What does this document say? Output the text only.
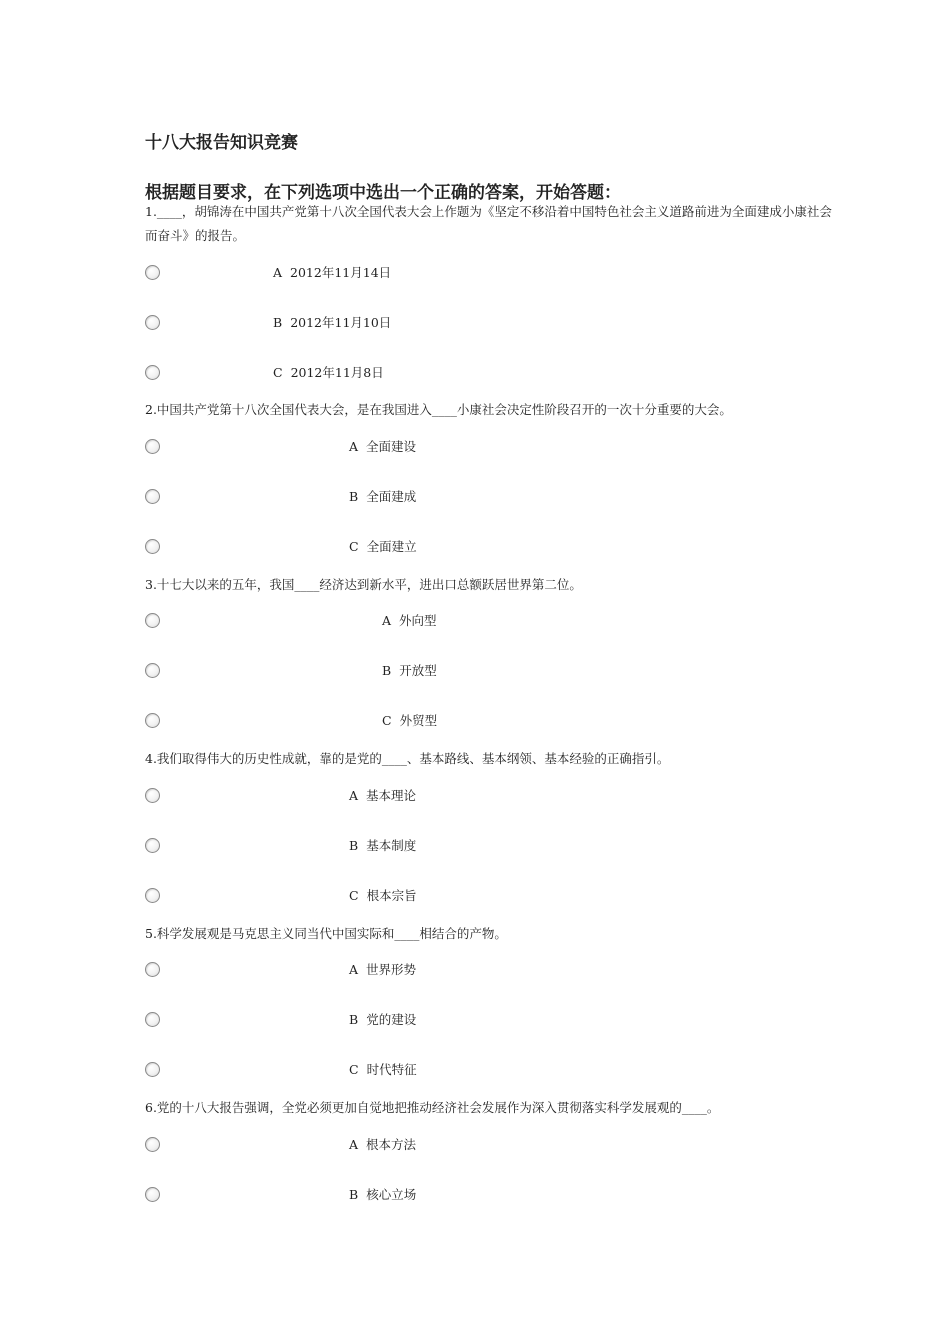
十八大报告知识竞赛
根据题目要求，在下列选项中选出一个正确的答案，开始答题：
1.____，胡锦涛在中国共产党第十八次全国代表大会上作题为《坚定不移沿着中国特色社会主义道路前进为全面建成小康社会而奋斗》的报告。
A 2012年11月14日
B 2012年11月10日
C 2012年11月8日
2.中国共产党第十八次全国代表大会，是在我国进入____小康社会决定性阶段召开的一次十分重要的大会。
A 全面建设
B 全面建成
C 全面建立
3.十七大以来的五年，我国____经济达到新水平，进出口总额跃居世界第二位。
A 外向型
B 开放型
C 外贸型
4.我们取得伟大的历史性成就，靠的是党的____、基本路线、基本纲领、基本经验的正确指引。
A 基本理论
B 基本制度
C 根本宗旨
5.科学发展观是马克思主义同当代中国实际和____相结合的产物。
A 世界形势
B 党的建设
C 时代特征
6.党的十八大报告强调，全党必须更加自觉地把推动经济社会发展作为深入贯彻落实科学发展观的____。
A 根本方法
B 核心立场
